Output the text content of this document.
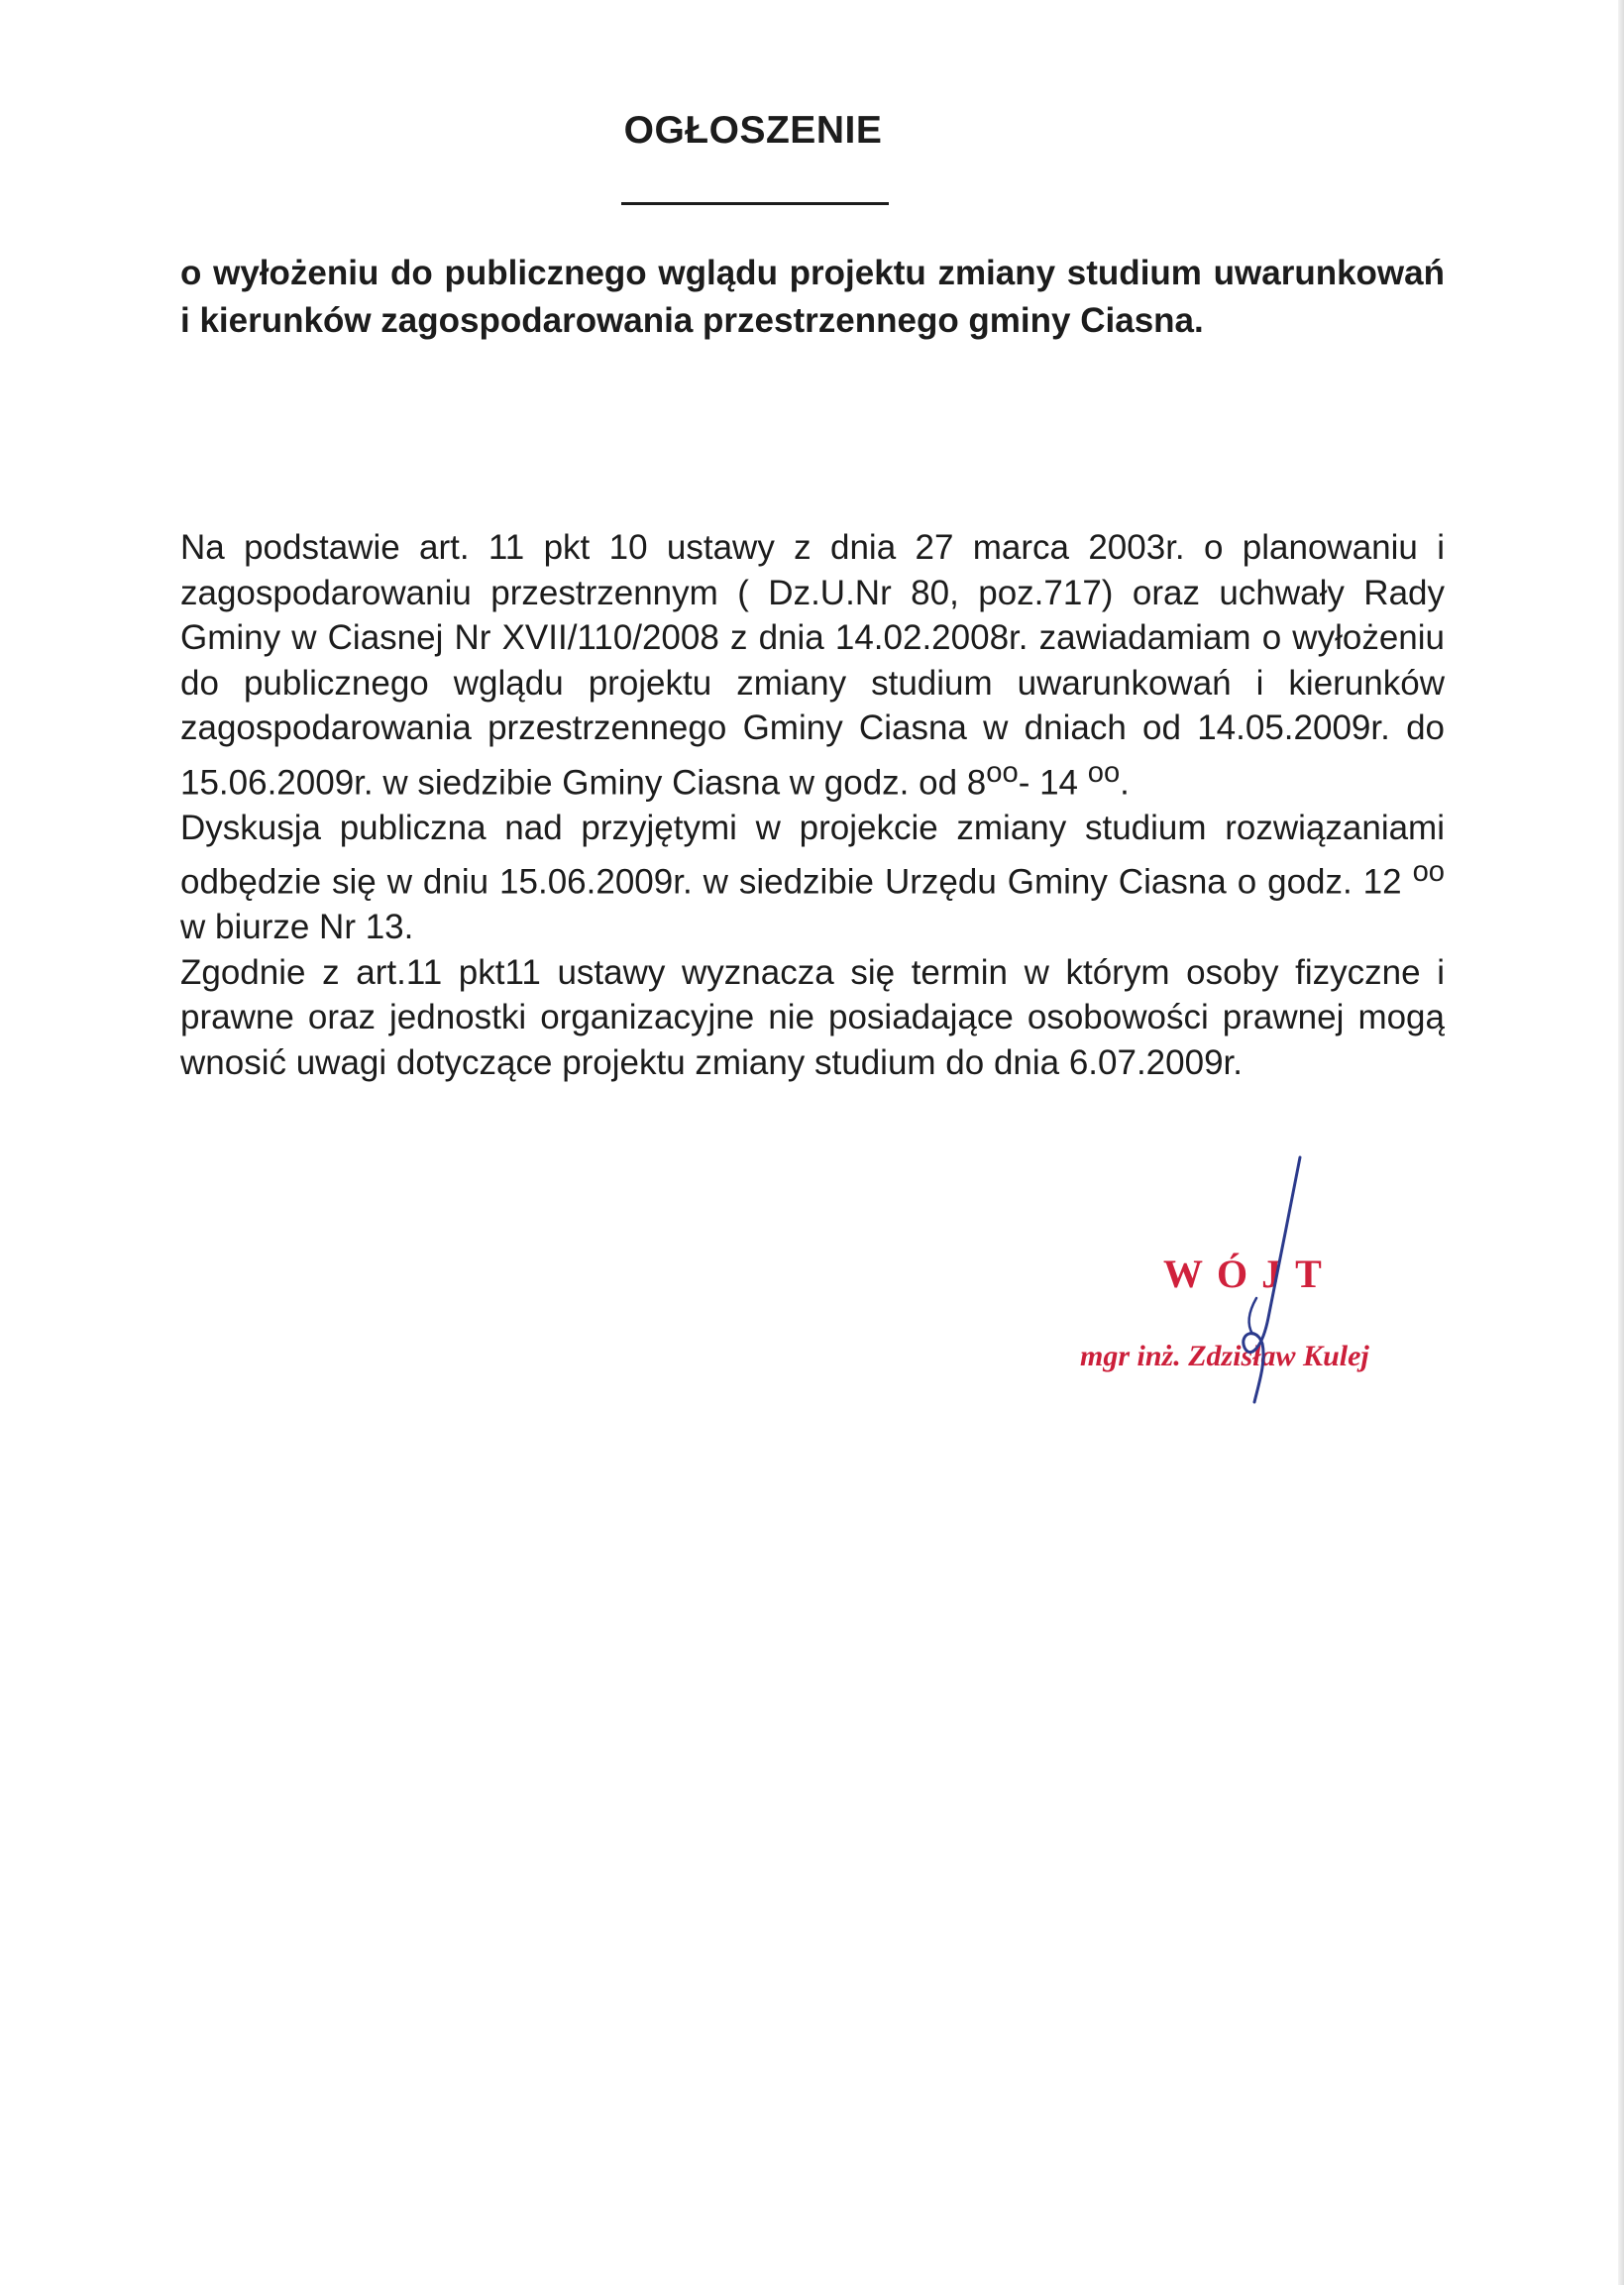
OGŁOSZENIE
o wyłożeniu do publicznego wglądu projektu zmiany studium uwarunkowań i kierunków zagospodarowania przestrzennego gminy Ciasna.

Na podstawie art. 11 pkt 10 ustawy z dnia 27 marca 2003r. o planowaniu i zagospodarowaniu przestrzennym ( Dz.U.Nr 80, poz.717) oraz uchwały Rady Gminy w Ciasnej Nr XVII/110/2008 z dnia 14.02.2008r. zawiadamiam o wyłożeniu do publicznego wglądu projektu zmiany studium uwarunkowań i kierunków zagospodarowania przestrzennego Gminy Ciasna w dniach od 14.05.2009r. do 15.06.2009r. w siedzibie Gminy Ciasna w godz. od $8^{oo}-$ 14 $^{oo}$.

Dyskusja publiczna nad przyjętymi w projekcie zmiany studium rozwiązaniami odbędzie się w dniu 15.06.2009r. w siedzibie Urzędu Gminy Ciasna o godz. 12 $^{oo}$ w biurze Nr 13.

Zgodnie z art.11 pkt11 ustawy wyznacza się termin w którym osoby fizyczne i prawne oraz jednostki organizacyjne nie posiadające osobowości prawnej mogą wnosić uwagi dotyczące projektu zmiany studium do dnia 6.07.2009r.

WÓJT
mgr inż. Zdzisław Kulej
